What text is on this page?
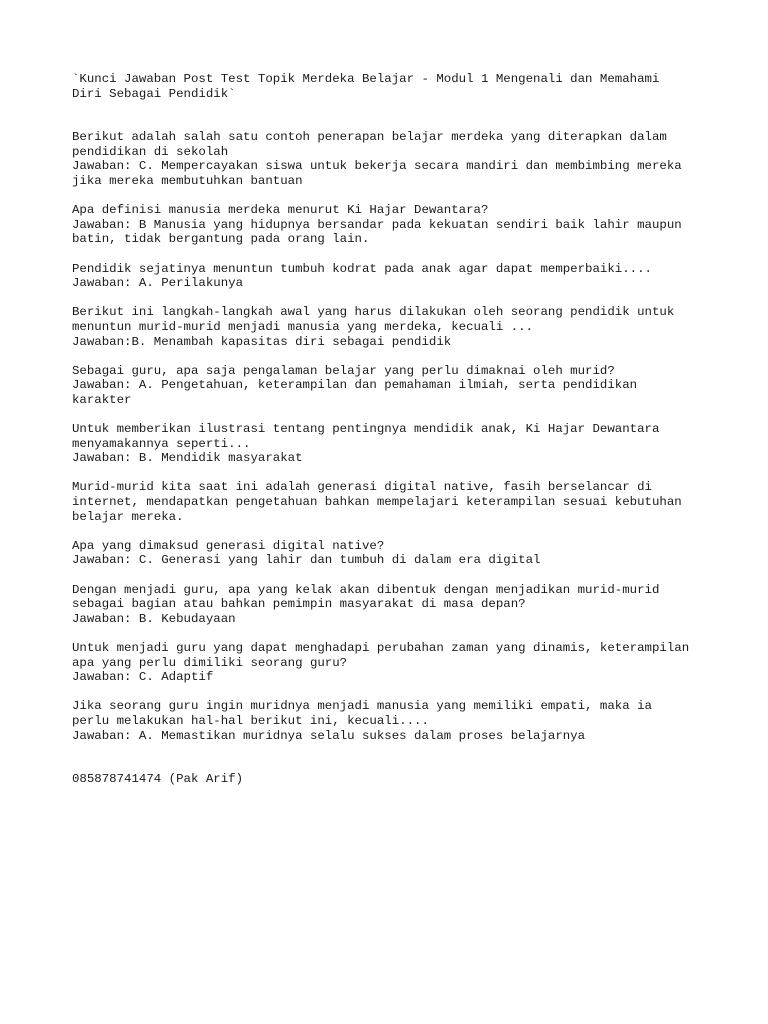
`Kunci Jawaban Post Test Topik Merdeka Belajar - Modul 1 Mengenali dan Memahami
Diri Sebagai Pendidik`
Berikut adalah salah satu contoh penerapan belajar merdeka yang diterapkan dalam
pendidikan di sekolah
Jawaban: C. Mempercayakan siswa untuk bekerja secara mandiri dan membimbing mereka
jika mereka membutuhkan bantuan
Apa definisi manusia merdeka menurut Ki Hajar Dewantara?
Jawaban: B Manusia yang hidupnya bersandar pada kekuatan sendiri baik lahir maupun
batin, tidak bergantung pada orang lain.
Pendidik sejatinya menuntun tumbuh kodrat pada anak agar dapat memperbaiki....
Jawaban: A. Perilakunya
Berikut ini langkah-langkah awal yang harus dilakukan oleh seorang pendidik untuk
menuntun murid-murid menjadi manusia yang merdeka, kecuali ...
Jawaban:B. Menambah kapasitas diri sebagai pendidik
Sebagai guru, apa saja pengalaman belajar yang perlu dimaknai oleh murid?
Jawaban: A. Pengetahuan, keterampilan dan pemahaman ilmiah, serta pendidikan
karakter
Untuk memberikan ilustrasi tentang pentingnya mendidik anak, Ki Hajar Dewantara
menyamakannya seperti...
Jawaban: B. Mendidik masyarakat
Murid-murid kita saat ini adalah generasi digital native, fasih berselancar di
internet, mendapatkan pengetahuan bahkan mempelajari keterampilan sesuai kebutuhan
belajar mereka.
Apa yang dimaksud generasi digital native?
Jawaban: C. Generasi yang lahir dan tumbuh di dalam era digital
Dengan menjadi guru, apa yang kelak akan dibentuk dengan menjadikan murid-murid
sebagai bagian atau bahkan pemimpin masyarakat di masa depan?
Jawaban: B. Kebudayaan
Untuk menjadi guru yang dapat menghadapi perubahan zaman yang dinamis, keterampilan
apa yang perlu dimiliki seorang guru?
Jawaban: C. Adaptif
Jika seorang guru ingin muridnya menjadi manusia yang memiliki empati, maka ia
perlu melakukan hal-hal berikut ini, kecuali....
Jawaban: A. Memastikan muridnya selalu sukses dalam proses belajarnya
085878741474 (Pak Arif)
